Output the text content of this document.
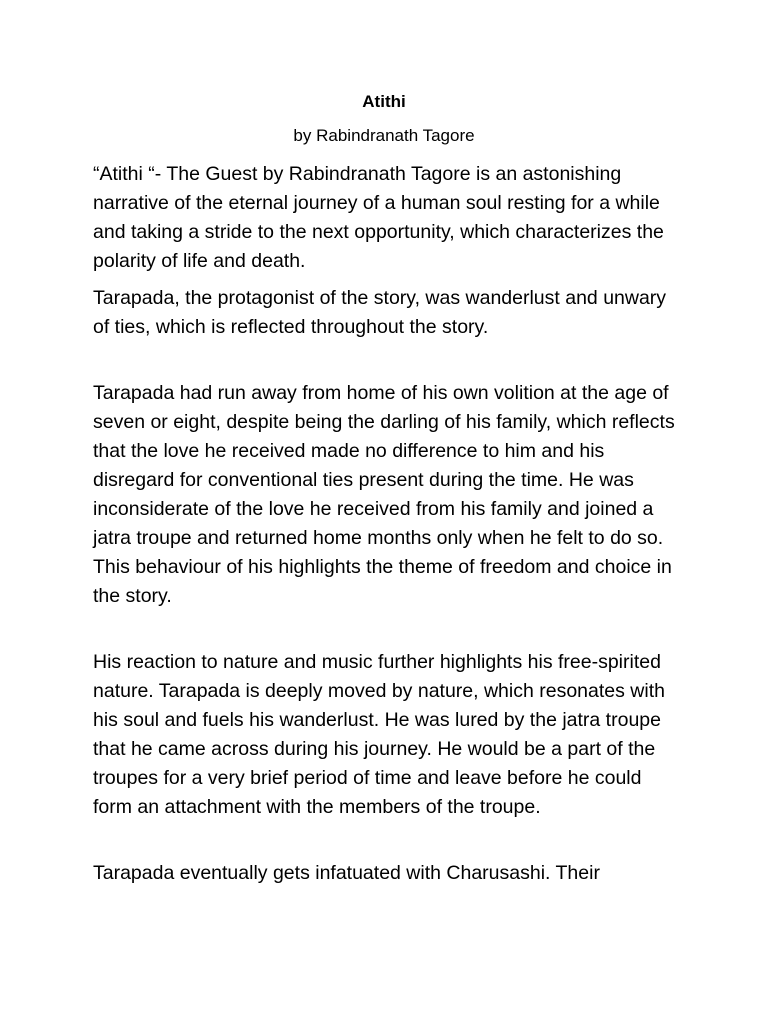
Atithi
by Rabindranath Tagore

“Atithi “- The Guest by Rabindranath Tagore is an astonishing narrative of the eternal journey of a human soul resting for a while and taking a stride to the next opportunity, which characterizes the polarity of life and death.

Tarapada, the protagonist of the story, was wanderlust and unwary of ties, which is reflected throughout the story.

Tarapada had run away from home of his own volition at the age of seven or eight, despite being the darling of his family, which reflects that the love he received made no difference to him and his disregard for conventional ties present during the time. He was inconsiderate of the love he received from his family and joined a jatra troupe and returned home months only when he felt to do so. This behaviour of his highlights the theme of freedom and choice in the story.

His reaction to nature and music further highlights his free-spirited nature. Tarapada is deeply moved by nature, which resonates with his soul and fuels his wanderlust. He was lured by the jatra troupe that he came across during his journey. He would be a part of the troupes for a very brief period of time and leave before he could form an attachment with the members of the troupe.

Tarapada eventually gets infatuated with Charusashi. Their
